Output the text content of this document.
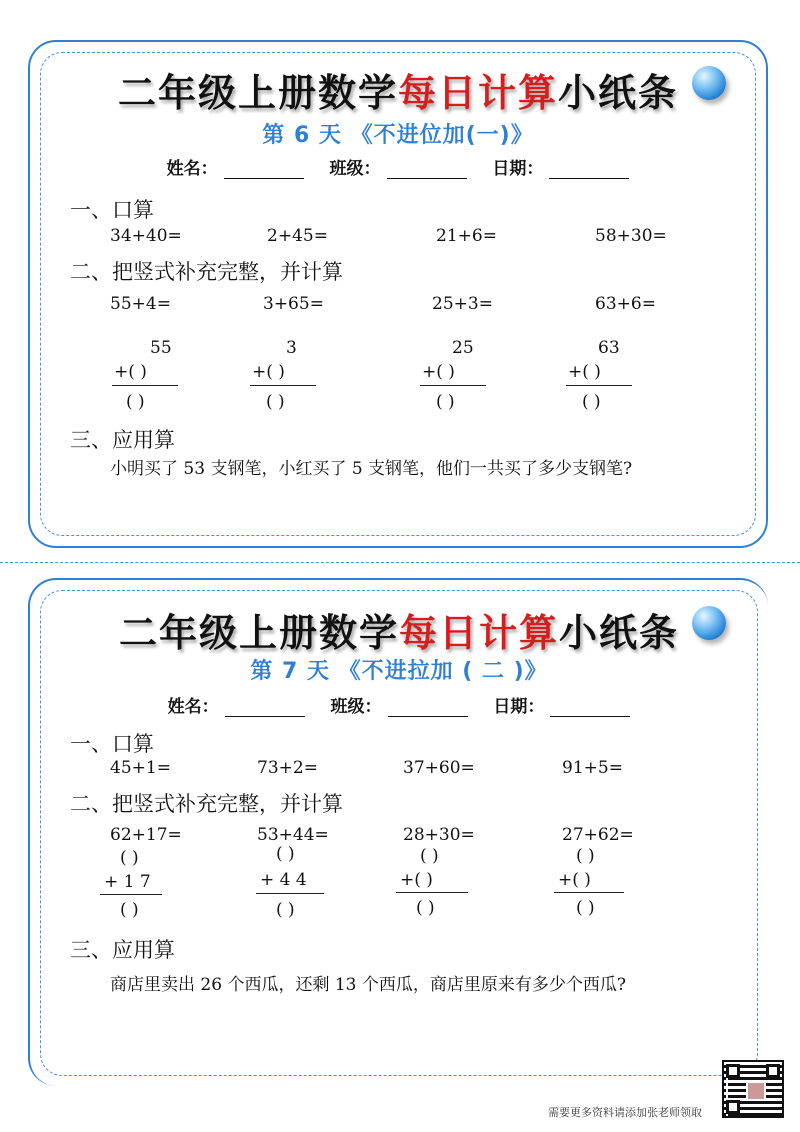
二年级上册数学每日计算小纸条
第 6 天 《不进位加(一)》
姓名：	班级：	日期：
一、口算
34+40=	2+45=	21+6=	58+30=
二、把竖式补充完整，并计算
55+4=	3+65=	25+3=	63+6=
55
+( )
( )
3
+( )
( )
25
+( )
( )
63
+( )
( )
三、应用算
小明买了 53 支钢笔，小红买了 5 支钢笔，他们一共买了多少支钢笔?
二年级上册数学每日计算小纸条
第 7 天 《不进拉加 ( 二 )》
姓名：	班级：	日期：
一、口算
45+1=	73+2=	37+60=	91+5=
二、把竖式补充完整，并计算
62+17=	53+44=	28+30=	27+62=
( )
+ 1 7
( )
( )
+ 4 4
( )
( )
+( )
( )
( )
+( )
( )
三、应用算
商店里卖出 26 个西瓜，还剩 13 个西瓜，商店里原来有多少个西瓜?
需要更多资料请添加张老师领取
